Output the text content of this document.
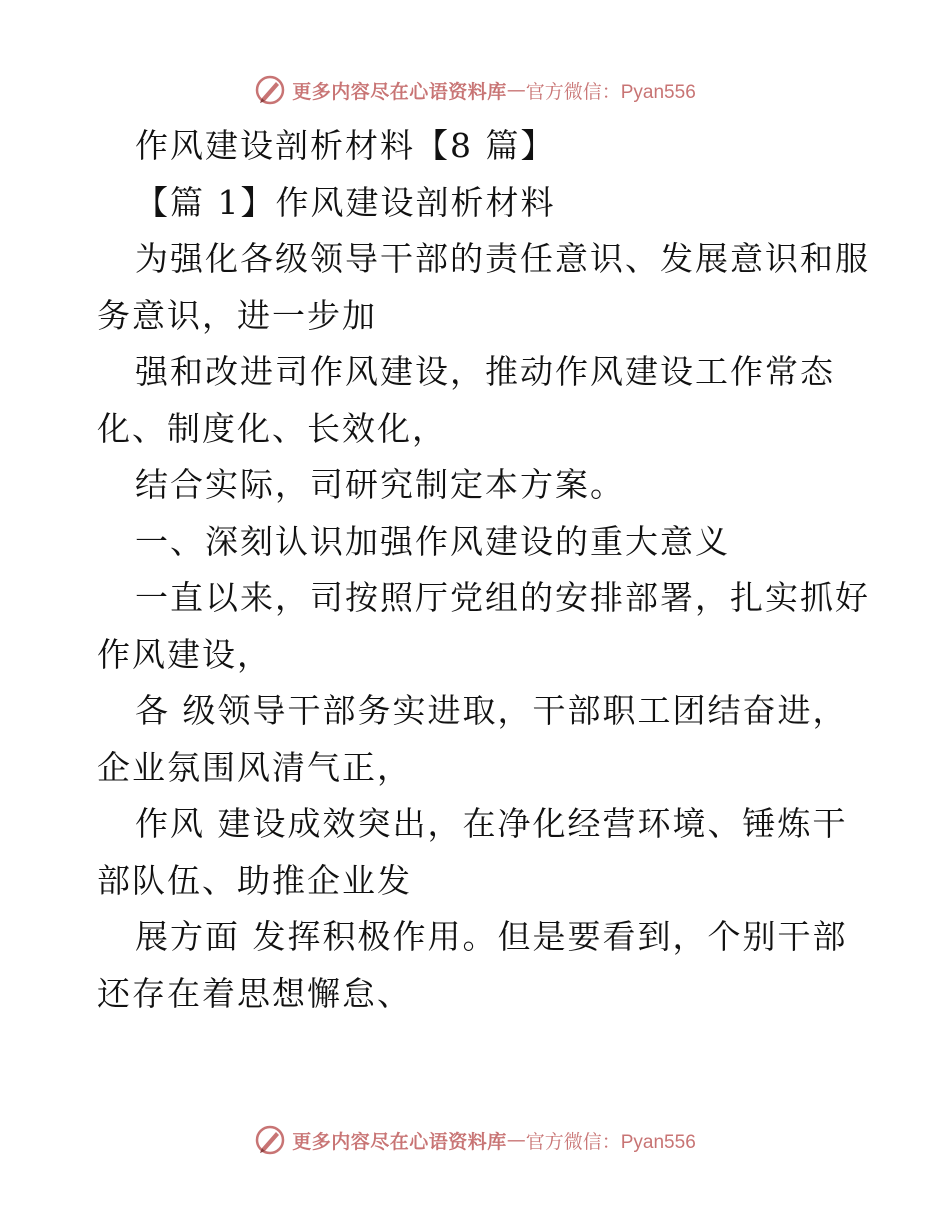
更多内容尽在心语资料库 — 官方微信：Pyan556
作风建设剖析材料【8 篇】
【篇 1】作风建设剖析材料
为强化各级领导干部的责任意识、发展意识和服
务意识，进一步加
强和改进司作风建设，推动作风建设工作常态
化、制度化、长效化，
结合实际，司研究制定本方案。
一、深刻认识加强作风建设的重大意义
一直以来，司按照厅党组的安排部署，扎实抓好
作风建设，
各 级领导干部务实进取，干部职工团结奋进，
企业氛围风清气正，
作风 建设成效突出，在净化经营环境、锤炼干
部队伍、助推企业发
展方面 发挥积极作用。但是要看到，个别干部
还存在着思想懈怠、
更多内容尽在心语资料库 — 官方微信：Pyan556
